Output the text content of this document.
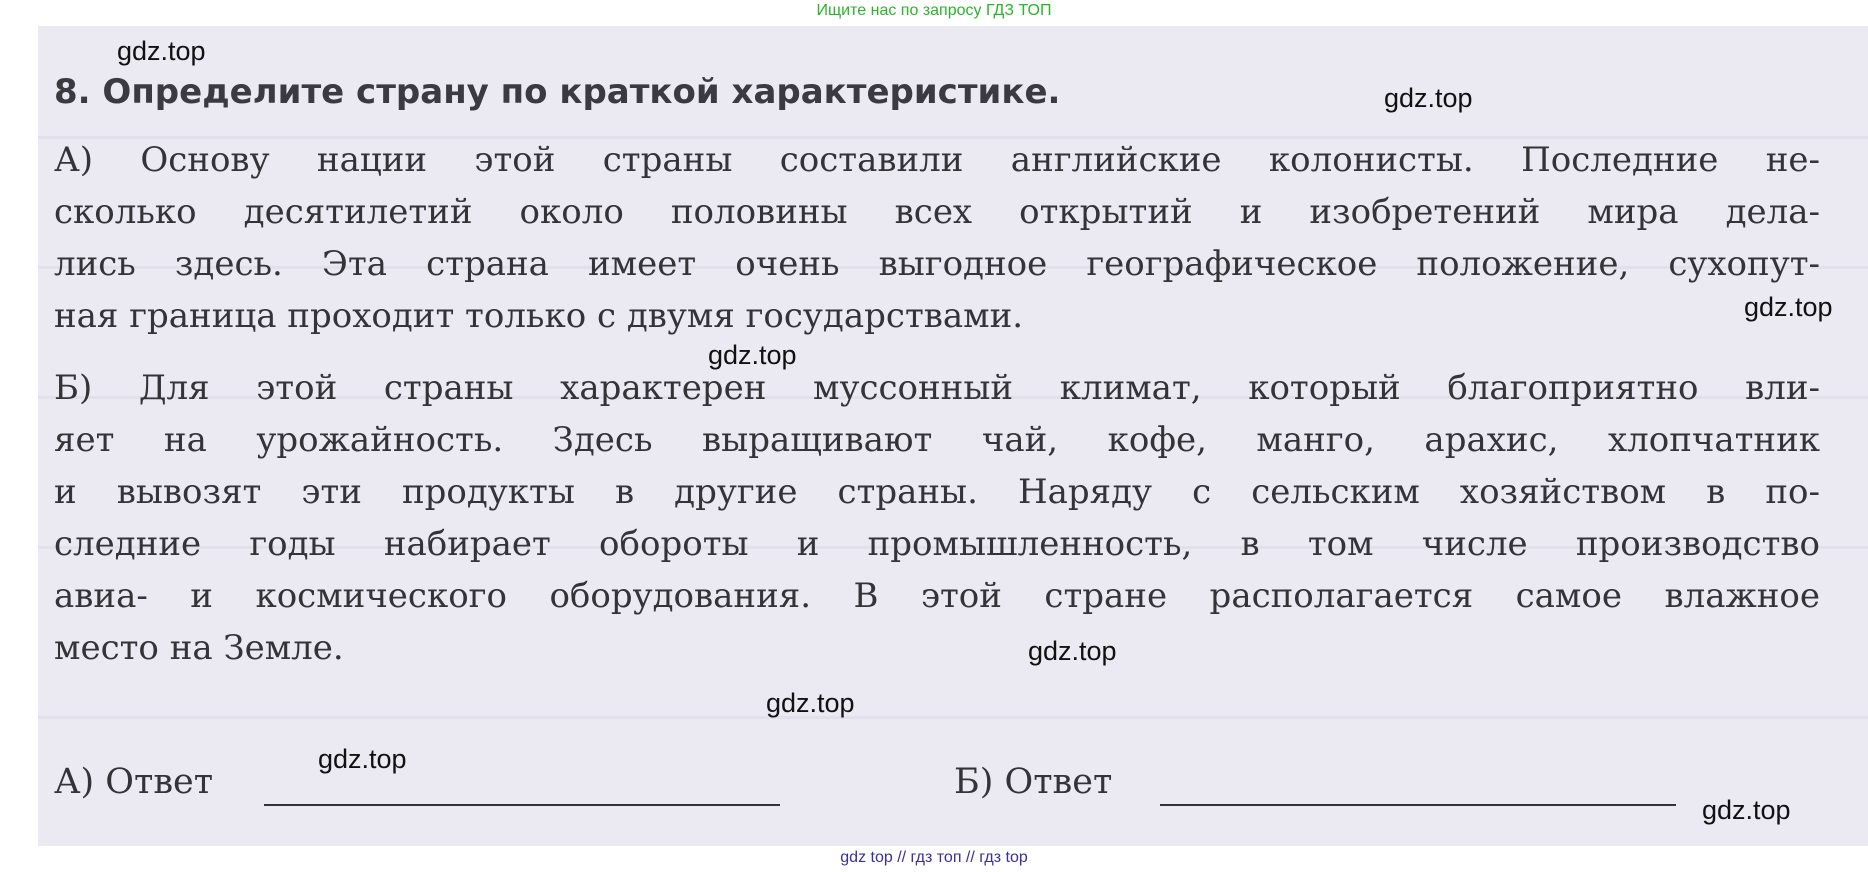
Ищите нас по запросу ГДЗ ТОП
8. Определите страну по краткой характеристике.
А) Основу нации этой страны составили английские колонисты. Последние не-
сколько десятилетий около половины всех открытий и изобретений мира дела-
лись здесь. Эта страна имеет очень выгодное географическое положение, сухопут-
ная граница проходит только с двумя государствами.
Б) Для этой страны характерен муссонный климат, который благоприятно вли-
яет на урожайность. Здесь выращивают чай, кофе, манго, арахис, хлопчатник
и вывозят эти продукты в другие страны. Наряду с сельским хозяйством в по-
следние годы набирает обороты и промышленность, в том числе производство
авиа- и космического оборудования. В этой стране располагается самое влажное
место на Земле.
А) Ответ	Б) Ответ
gdz.top
gdz.top
gdz.top
gdz.top
gdz.top
gdz.top
gdz.top
gdz.top
gdz top // гдз топ // гдз top
